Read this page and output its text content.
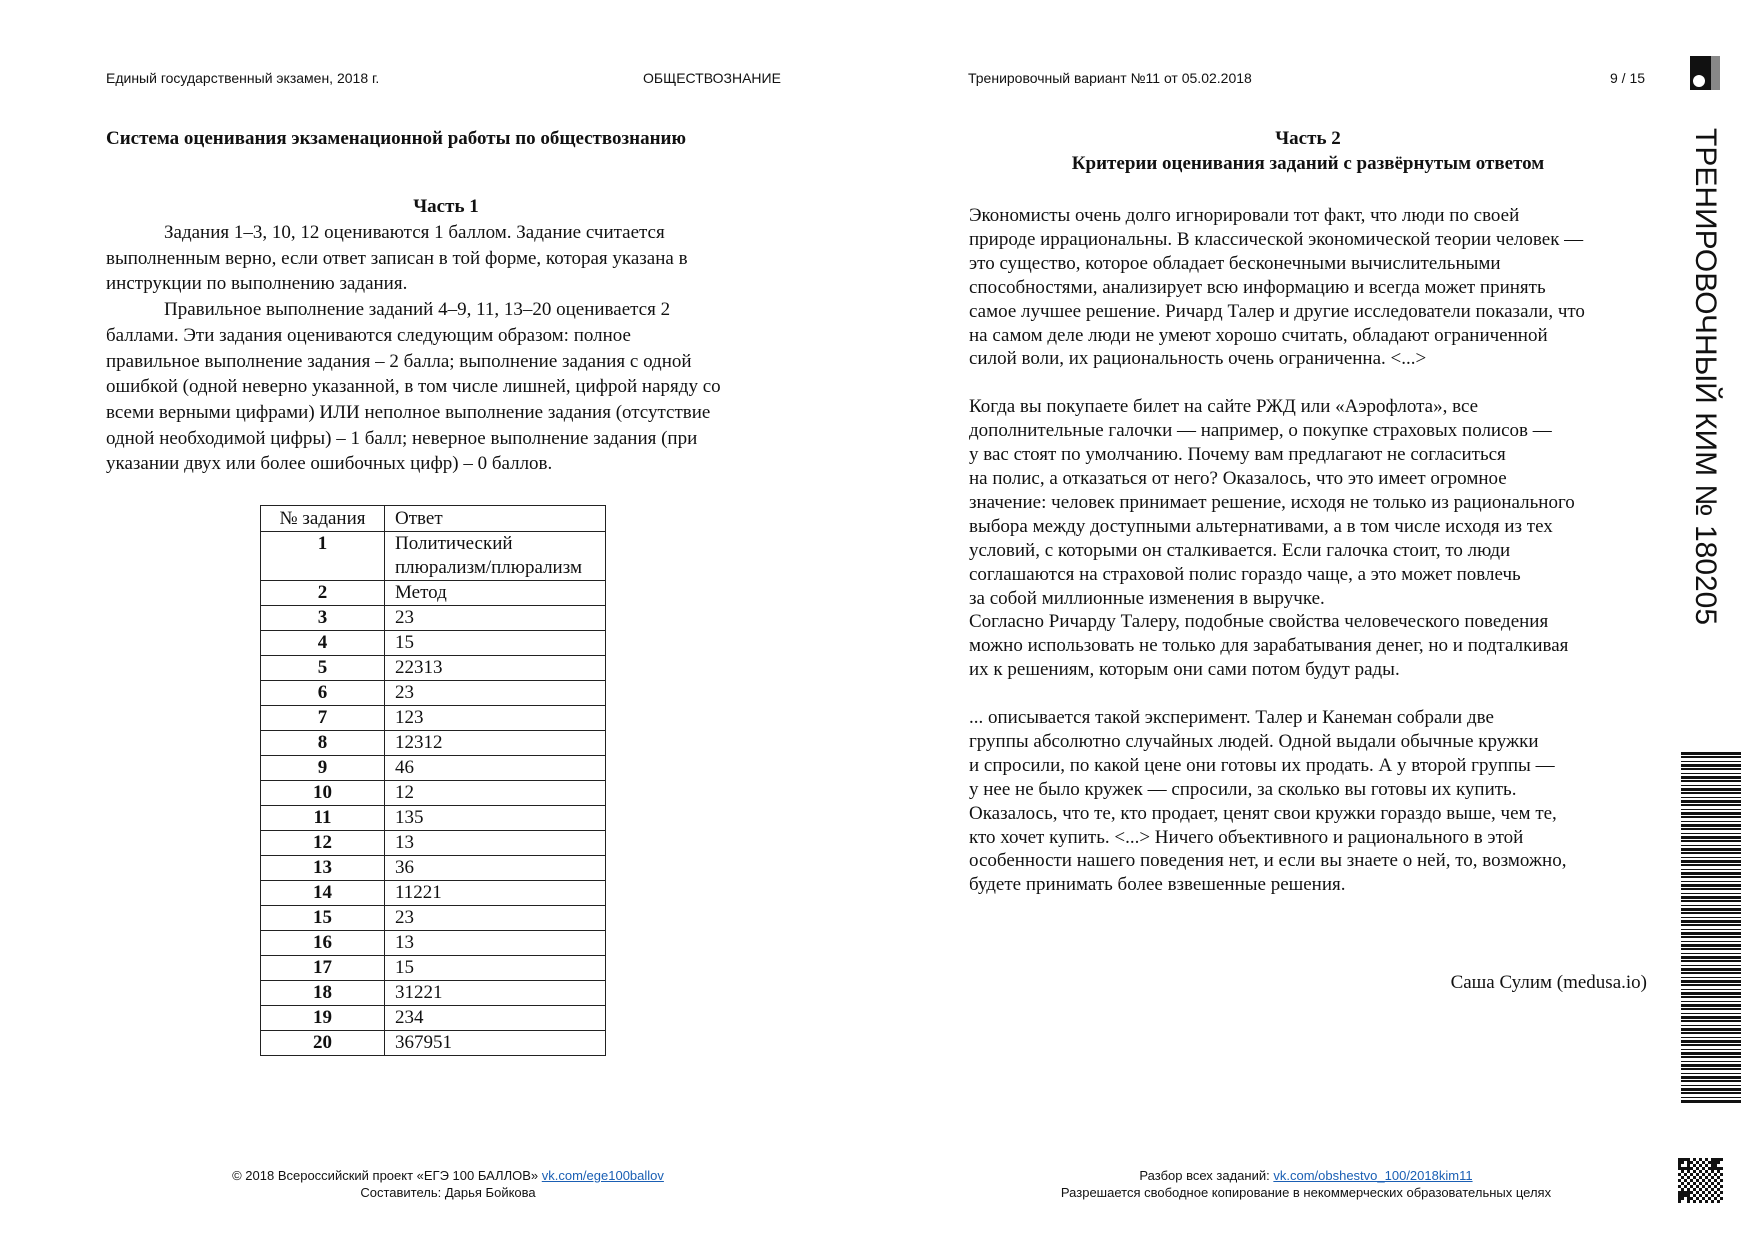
Единый государственный экзамен, 2018 г.	ОБЩЕСТВОЗНАНИЕ	Тренировочный вариант №11 от 05.02.2018	9 / 15
Система оценивания экзаменационной работы по обществознанию
Часть 1
Задания 1–3, 10, 12 оцениваются 1 баллом. Задание считается
выполненным верно, если ответ записан в той форме, которая указана в
инструкции по выполнению задания.
Правильное выполнение заданий 4–9, 11, 13–20 оценивается 2
баллами. Эти задания оцениваются следующим образом: полное
правильное выполнение задания – 2 балла; выполнение задания с одной
ошибкой (одной неверно указанной, в том числе лишней, цифрой наряду со
всеми верными цифрами) ИЛИ неполное выполнение задания (отсутствие
одной необходимой цифры) – 1 балл; неверное выполнение задания (при
указании двух или более ошибочных цифр) – 0 баллов.
№ задания	Ответ
1	Политический плюрализм/плюрализм
2	Метод
3	23
4	15
5	22313
6	23
7	123
8	12312
9	46
10	12
11	135
12	13
13	36
14	11221
15	23
16	13
17	15
18	31221
19	234
20	367951
Часть 2
Критерии оценивания заданий с развёрнутым ответом
Экономисты очень долго игнорировали тот факт, что люди по своей
природе иррациональны. В классической экономической теории человек —
это существо, которое обладает бесконечными вычислительными
способностями, анализирует всю информацию и всегда может принять
самое лучшее решение. Ричард Талер и другие исследователи показали, что
на самом деле люди не умеют хорошо считать, обладают ограниченной
силой воли, их рациональность очень ограниченна. <...>

Когда вы покупаете билет на сайте РЖД или «Аэрофлота», все
дополнительные галочки — например, о покупке страховых полисов —
у вас стоят по умолчанию. Почему вам предлагают не согласиться
на полис, а отказаться от него? Оказалось, что это имеет огромное
значение: человек принимает решение, исходя не только из рационального
выбора между доступными альтернативами, а в том числе исходя из тех
условий, с которыми он сталкивается. Если галочка стоит, то люди
соглашаются на страховой полис гораздо чаще, а это может повлечь
за собой миллионные изменения в выручке.
Согласно Ричарду Талеру, подобные свойства человеческого поведения
можно использовать не только для зарабатывания денег, но и подталкивая
их к решениям, которым они сами потом будут рады.

... описывается такой эксперимент. Талер и Канеман собрали две
группы абсолютно случайных людей. Одной выдали обычные кружки
и спросили, по какой цене они готовы их продать. А у второй группы —
у нее не было кружек — спросили, за сколько вы готовы их купить.
Оказалось, что те, кто продает, ценят свои кружки гораздо выше, чем те,
кто хочет купить. <...> Ничего объективного и рационального в этой
особенности нашего поведения нет, и если вы знаете о ней, то, возможно,
будете принимать более взвешенные решения.
Саша Сулим (medusa.io)
ТРЕНИРОВОЧНЫЙ КИМ № 180205
© 2018 Всероссийский проект «ЕГЭ 100 БАЛЛОВ» vk.com/ege100ballov
Составитель: Дарья Бойкова
Разбор всех заданий: vk.com/obshestvo_100/2018kim11
Разрешается свободное копирование в некоммерческих образовательных целях
